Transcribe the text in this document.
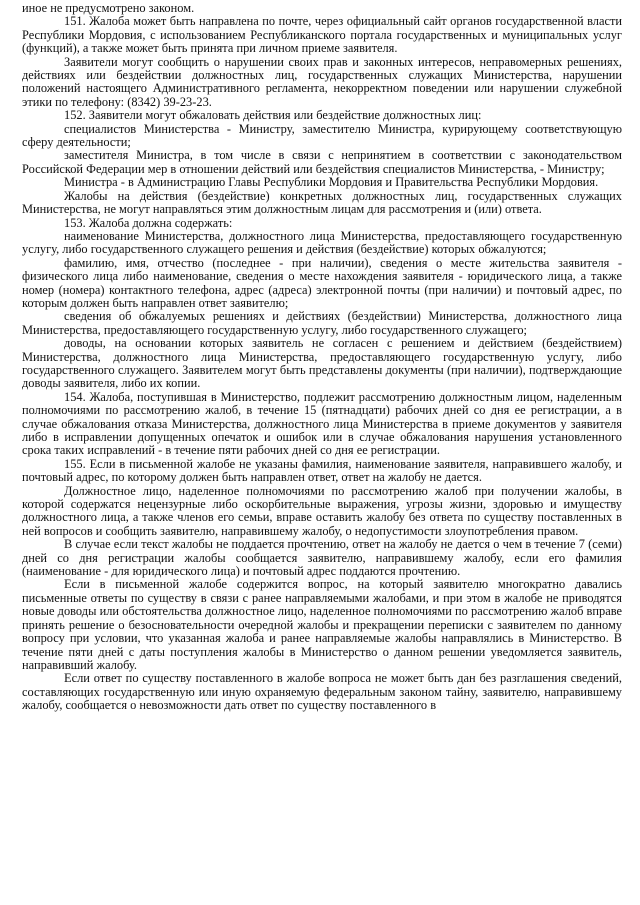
иное не предусмотрено законом.

151. Жалоба может быть направлена по почте, через официальный сайт органов государственной власти Республики Мордовия, с использованием Республиканского портала государственных и муниципальных услуг (функций), а также может быть принята при личном приеме заявителя.

Заявители могут сообщить о нарушении своих прав и законных интересов, неправомерных решениях, действиях или бездействии должностных лиц, государственных служащих Министерства, нарушении положений настоящего Административного регламента, некорректном поведении или нарушении служебной этики по телефону: (8342) 39-23-23.

152. Заявители могут обжаловать действия или бездействие должностных лиц:

специалистов Министерства - Министру, заместителю Министра, курирующему соответствующую сферу деятельности;

заместителя Министра, в том числе в связи с непринятием в соответствии с законодательством Российской Федерации мер в отношении действий или бездействия специалистов Министерства, - Министру;

Министра - в Администрацию Главы Республики Мордовия и Правительства Республики Мордовия.

Жалобы на действия (бездействие) конкретных должностных лиц, государственных служащих Министерства, не могут направляться этим должностным лицам для рассмотрения и (или) ответа.

153. Жалоба должна содержать:

наименование Министерства, должностного лица Министерства, предоставляющего государственную услугу, либо государственного служащего решения и действия (бездействие) которых обжалуются;

фамилию, имя, отчество (последнее - при наличии), сведения о месте жительства заявителя - физического лица либо наименование, сведения о месте нахождения заявителя - юридического лица, а также номер (номера) контактного телефона, адрес (адреса) электронной почты (при наличии) и почтовый адрес, по которым должен быть направлен ответ заявителю;

сведения об обжалуемых решениях и действиях (бездействии) Министерства, должностного лица Министерства, предоставляющего государственную услугу, либо государственного служащего;

доводы, на основании которых заявитель не согласен с решением и действием (бездействием) Министерства, должностного лица Министерства, предоставляющего государственную услугу, либо государственного служащего. Заявителем могут быть представлены документы (при наличии), подтверждающие доводы заявителя, либо их копии.

154. Жалоба, поступившая в Министерство, подлежит рассмотрению должностным лицом, наделенным полномочиями по рассмотрению жалоб, в течение 15 (пятнадцати) рабочих дней со дня ее регистрации, а в случае обжалования отказа Министерства, должностного лица Министерства в приеме документов у заявителя либо в исправлении допущенных опечаток и ошибок или в случае обжалования нарушения установленного срока таких исправлений - в течение пяти рабочих дней со дня ее регистрации.

155. Если в письменной жалобе не указаны фамилия, наименование заявителя, направившего жалобу, и почтовый адрес, по которому должен быть направлен ответ, ответ на жалобу не дается.

Должностное лицо, наделенное полномочиями по рассмотрению жалоб при получении жалобы, в которой содержатся нецензурные либо оскорбительные выражения, угрозы жизни, здоровью и имуществу должностного лица, а также членов его семьи, вправе оставить жалобу без ответа по существу поставленных в ней вопросов и сообщить заявителю, направившему жалобу, о недопустимости злоупотребления правом.

В случае если текст жалобы не поддается прочтению, ответ на жалобу не дается о чем в течение 7 (семи) дней со дня регистрации жалобы сообщается заявителю, направившему жалобу, если его фамилия (наименование - для юридического лица) и почтовый адрес поддаются прочтению.

Если в письменной жалобе содержится вопрос, на который заявителю многократно давались письменные ответы по существу в связи с ранее направляемыми жалобами, и при этом в жалобе не приводятся новые доводы или обстоятельства должностное лицо, наделенное полномочиями по рассмотрению жалоб вправе принять решение о безосновательности очередной жалобы и прекращении переписки с заявителем по данному вопросу при условии, что указанная жалоба и ранее направляемые жалобы направлялись в Министерство. В течение пяти дней с даты поступления жалобы в Министерство о данном решении уведомляется заявитель, направивший жалобу.

Если ответ по существу поставленного в жалобе вопроса не может быть дан без разглашения сведений, составляющих государственную или иную охраняемую федеральным законом тайну, заявителю, направившему жалобу, сообщается о невозможности дать ответ по существу поставленного в
